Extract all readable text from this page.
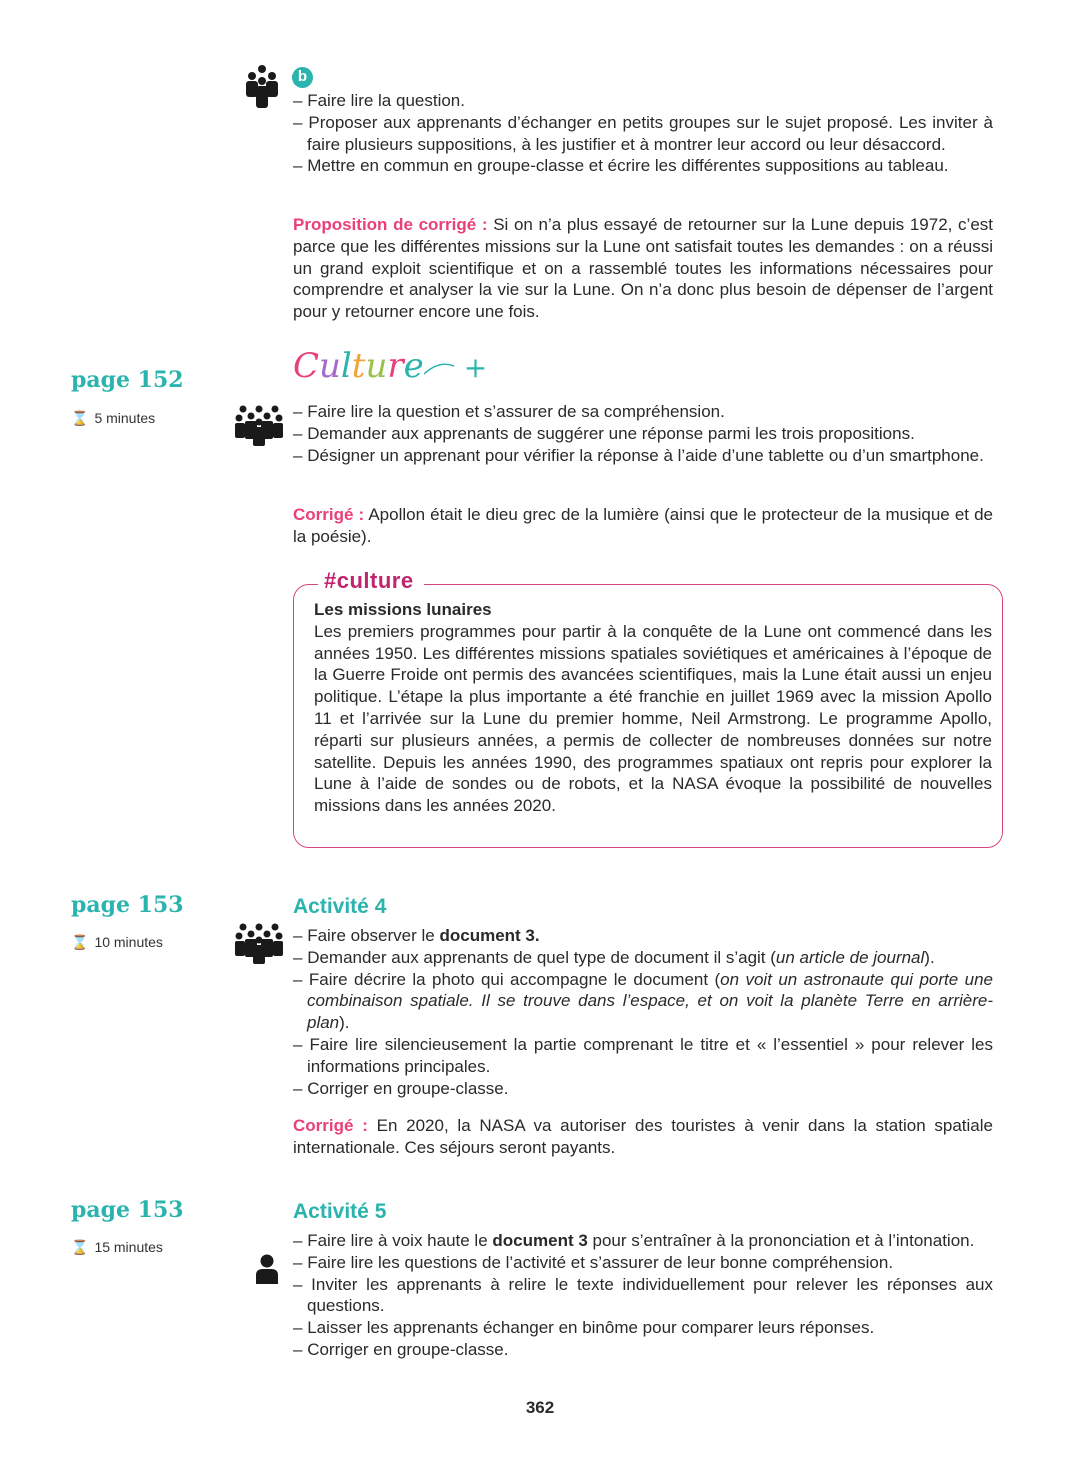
b
– Faire lire la question.
– Proposer aux apprenants d’échanger en petits groupes sur le sujet proposé. Les inviter à faire plusieurs suppositions, à les justifier et à montrer leur accord ou leur désaccord.
– Mettre en commun en groupe-classe et écrire les différentes suppositions au tableau.

Proposition de corrigé : Si on n’a plus essayé de retourner sur la Lune depuis 1972, c’est parce que les différentes missions sur la Lune ont satisfait toutes les demandes : on a réussi un grand exploit scientifique et on a rassemblé toutes les informations nécessaires pour comprendre et analyser la vie sur la Lune. On n’a donc plus besoin de dépenser de l’argent pour y retourner encore une fois.

page 152
⌛ 5 minutes
Culture +
– Faire lire la question et s’assurer de sa compréhension.
– Demander aux apprenants de suggérer une réponse parmi les trois propositions.
– Désigner un apprenant pour vérifier la réponse à l’aide d’une tablette ou d’un smartphone.

Corrigé : Apollon était le dieu grec de la lumière (ainsi que le protecteur de la musique et de la poésie).

Les missions lunaires

Les premiers programmes pour partir à la conquête de la Lune ont commencé dans les années 1950. Les différentes missions spatiales soviétiques et américaines à l’époque de la Guerre Froide ont permis des avancées scientifiques, mais la Lune était aussi un enjeu politique. L’étape la plus importante a été franchie en juillet 1969 avec la mission Apollo 11 et l’arrivée sur la Lune du premier homme, Neil Armstrong. Le programme Apollo, réparti sur plusieurs années, a permis de collecter de nombreuses données sur notre satellite. Depuis les années 1990, des programmes spatiaux ont repris pour explorer la Lune à l’aide de sondes ou de robots, et la NASA évoque la possibilité de nouvelles missions dans les années 2020.

#culture
page 153
⌛ 10 minutes
Activité 4
– Faire observer le document 3.
– Demander aux apprenants de quel type de document il s’agit (un article de journal).
– Faire décrire la photo qui accompagne le document (on voit un astronaute qui porte une combinaison spatiale. Il se trouve dans l’espace, et on voit la planète Terre en arrière-plan).
– Faire lire silencieusement la partie comprenant le titre et « l’essentiel » pour relever les informations principales.
– Corriger en groupe-classe.

Corrigé : En 2020, la NASA va autoriser des touristes à venir dans la station spatiale internationale. Ces séjours seront payants.

page 153
⌛ 15 minutes
Activité 5
– Faire lire à voix haute le document 3 pour s’entraîner à la prononciation et à l’intonation.
– Faire lire les questions de l’activité et s’assurer de leur bonne compréhension.
– Inviter les apprenants à relire le texte individuellement pour relever les réponses aux questions.
– Laisser les apprenants échanger en binôme pour comparer leurs réponses.
– Corriger en groupe-classe.
362
